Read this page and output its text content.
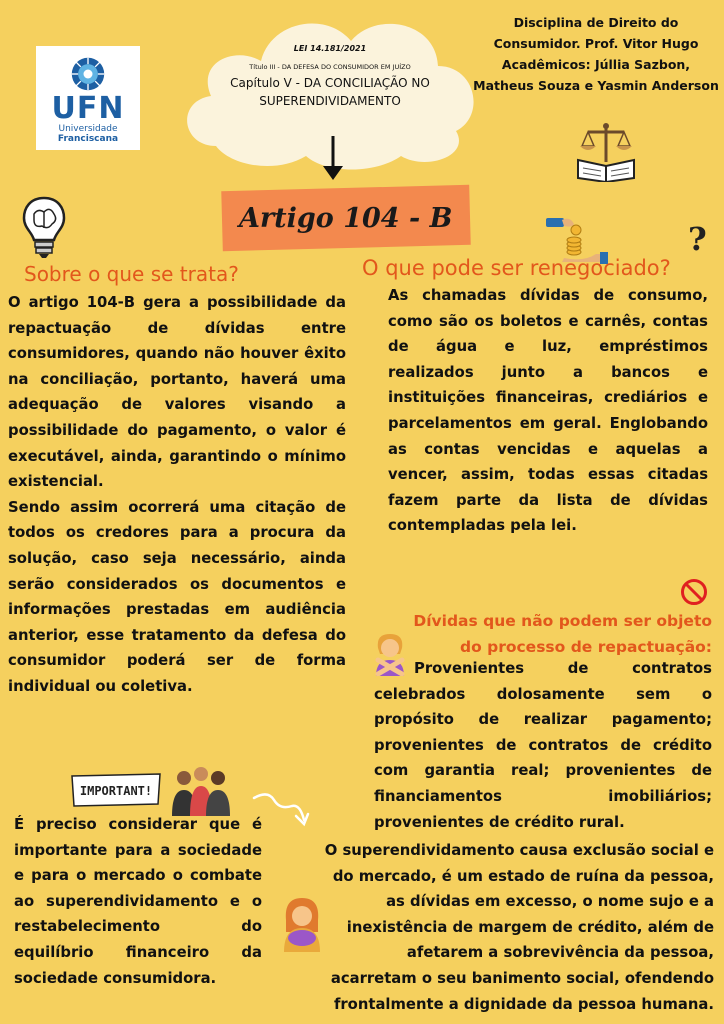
UFN
Universidade
Franciscana
LEI 14.181/2021
Título III - DA DEFESA DO CONSUMIDOR EM JUÍZO
Capítulo V - DA CONCILIAÇÃO NO
SUPERENDIVIDAMENTO
Disciplina de Direito do
Consumidor. Prof. Vitor Hugo
Acadêmicos: Júllia Sazbon,
Matheus Souza e Yasmin Anderson
Artigo 104 - B
?
Sobre o que se trata?	O que pode ser renegociado?

O artigo 104-B gera a possibilidade da repactuação de dívidas entre consumidores, quando não houver êxito na conciliação, portanto, haverá uma adequação de valores visando a possibilidade do pagamento, o valor é executável, ainda, garantindo o mínimo existencial.

Sendo assim ocorrerá uma citação de todos os credores para a procura da solução, caso seja necessário, ainda serão considerados os documentos e informações prestadas em audiência anterior, esse tratamento da defesa do consumidor poderá ser de forma individual ou coletiva.

As chamadas dívidas de consumo, como são os boletos e carnês, contas de água e luz, empréstimos realizados junto a bancos e instituições financeiras, crediários e parcelamentos em geral. Englobando as contas vencidas e aquelas a vencer, assim, todas essas citadas fazem parte da lista de dívidas contempladas pela lei.
Dívidas que não podem ser objeto
do processo de repactuação:
Provenientes de contratos celebrados dolosamente sem o propósito de realizar pagamento; provenientes de contratos de crédito com garantia real; provenientes de financiamentos imobiliários; provenientes de crédito rural.
IMPORTANT!
É preciso considerar que é importante para a sociedade e para o mercado o combate ao superendividamento e o restabelecimento do equilíbrio financeiro da sociedade consumidora.
O superendividamento causa exclusão social e
do mercado, é um estado de ruína da pessoa,
as dívidas em excesso, o nome sujo e a
inexistência de margem de crédito, além de
afetarem a sobrevivência da pessoa,
acarretam o seu banimento social, ofendendo
frontalmente a dignidade da pessoa humana.
